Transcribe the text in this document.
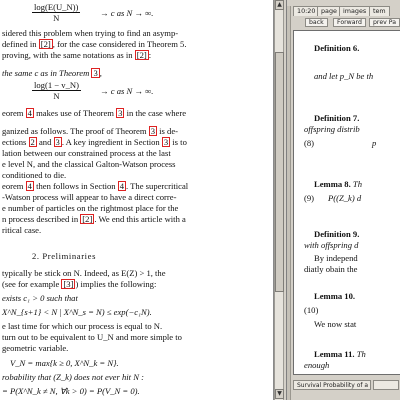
$\frac{\log(E(U\_N))}{N} \to c$ as N → ∞.
sidered this problem when trying to find an asymp-
defined in [2] , for the case considered in Theorem 5.
proving, with the same notations as in [2] :
the same c as in Theorem 3 ,
$\frac{\log(1 - v\_N)}{N} \to c$ as N → ∞.
eorem 4 makes use of Theorem 3 in the case where
ganized as follows. The proof of Theorem 3 is de-
ections 2 and 3 . A key ingredient in Section 3 is to
lation between our constrained process at the last
e level N, and the classical Galton-Watson process
conditioned to die.
eorem 4 then follows in Section 4 . The supercritical
-Watson process will appear to have a direct corre-
e number of particles on the rightmost place for the
n process described in [2] . We end this article with a
ritical case.
2. Preliminaries
typically be stick on N. Indeed, as E(Z) > 1, the
(see for example [3] ) implies the following:
exists c₁ > 0 such that
X^N_{s+1} < N | X^N_s = N) ≤ exp(−c₁N).
e last time for which our process is equal to N.
turn out to be equivalent to U_N and more simple to
geometric variable.
V_N = max{k ≥ 0, X^N_k = N}.
robability that (Z_k) does not ever hit N :
= P(X^N_k ≠ N, ∀k > 0) = P(V_N = 0).
▲
▼
10:20 page images	tem
back	Forward	prev Pa
Definition 6.
and let p_N be th
Definition 7.
offspring distrib
(8)	p
Lemma 8. Th
(9) P((Z_k) d
Definition 9.
with offspring d
By independ
diatly obain the
Lemma 10.
(10)
We now stat
Lemma 11. Th
enough
Survival Probability of a
